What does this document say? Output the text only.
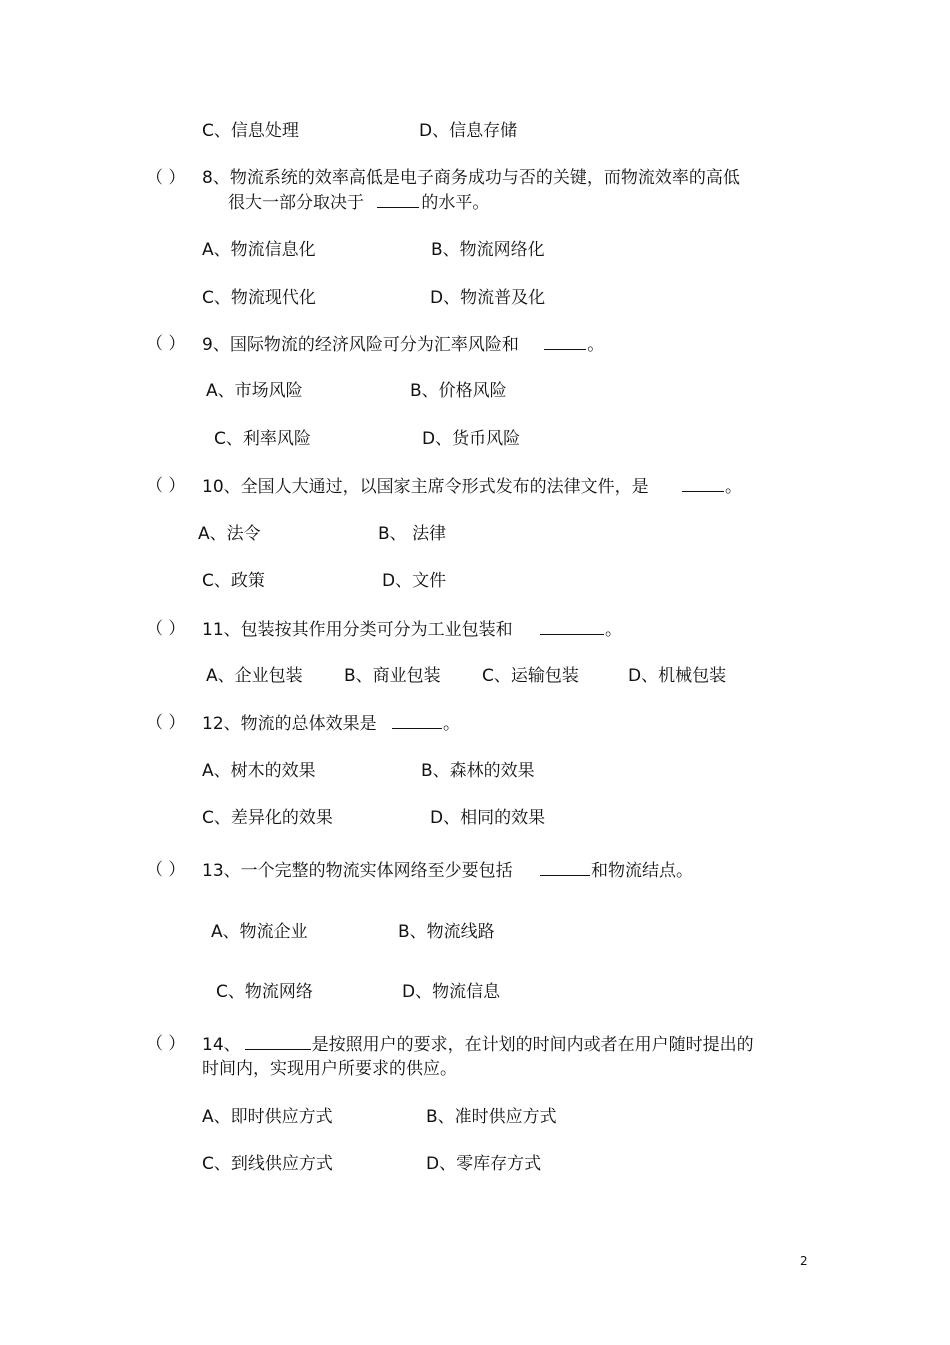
C、信息处理	D、信息存储
（ ） 8、物流系统的效率高低是电子商务成功与否的关键，而物流效率的高低
很大一部分取决于	的水平。
A、物流信息化	B、物流网络化
C、物流现代化	D、物流普及化
（ ） 9、国际物流的经济风险可分为汇率风险和	。
A、市场风险	B、价格风险
C、利率风险	D、货币风险
（ ） 10、全国人大通过，以国家主席令形式发布的法律文件，是	。
A、法令	B、 法律
C、政策	D、文件
（ ） 11、包装按其作用分类可分为工业包装和	。
A、企业包装 B、商业包装 C、运输包装	D、机械包装
（ ） 12、物流的总体效果是	。
A、树木的效果	B、森林的效果
C、差异化的效果	D、相同的效果
（ ） 13、一个完整的物流实体网络至少要包括	和物流结点。
A、物流企业	B、物流线路
C、物流网络	D、物流信息
（ ） 14、	是按照用户的要求，在计划的时间内或者在用户随时提出的
时间内，实现用户所要求的供应。
A、即时供应方式	B、准时供应方式
C、到线供应方式	D、零库存方式
2
